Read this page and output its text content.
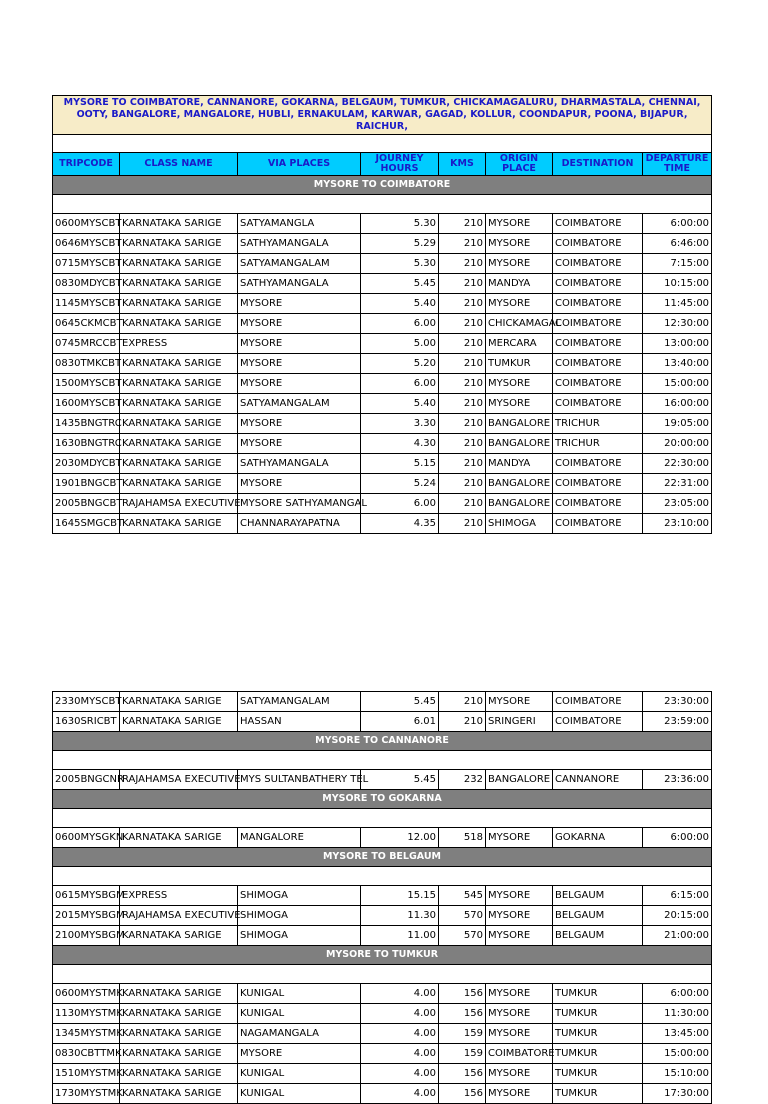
MYSORE TO COIMBATORE, CANNANORE, GOKARNA, BELGAUM, TUMKUR, CHICKAMAGALURU, DHARMASTALA, CHENNAI, OOTY, BANGALORE, MANGALORE, HUBLI, ERNAKULAM, KARWAR, GAGAD, KOLLUR, COONDAPUR, POONA, BIJAPUR, RAICHUR,							

TRIPCODE	CLASS NAME	VIA PLACES	JOURNEY HOURS	KMS	ORIGIN PLACE	DESTINATION	DEPARTURE TIME
MYSORE TO COIMBATORE							

0600MYSCBT	KARNATAKA SARIGE	SATYAMANGLA	5.30	210	MYSORE	COIMBATORE	6:00:00
0646MYSCBT	KARNATAKA SARIGE	SATHYAMANGALA	5.29	210	MYSORE	COIMBATORE	6:46:00
0715MYSCBT	KARNATAKA SARIGE	SATYAMANGALAM	5.30	210	MYSORE	COIMBATORE	7:15:00
0830MDYCBT	KARNATAKA SARIGE	SATHYAMANGALA	5.45	210	MANDYA	COIMBATORE	10:15:00
1145MYSCBT	KARNATAKA SARIGE	MYSORE	5.40	210	MYSORE	COIMBATORE	11:45:00
0645CKMCBT	KARNATAKA SARIGE	MYSORE	6.00	210	CHICKAMAGAL	COIMBATORE	12:30:00
0745MRCCBT	EXPRESS	MYSORE	5.00	210	MERCARA	COIMBATORE	13:00:00
0830TMKCBT	KARNATAKA SARIGE	MYSORE	5.20	210	TUMKUR	COIMBATORE	13:40:00
1500MYSCBT	KARNATAKA SARIGE	MYSORE	6.00	210	MYSORE	COIMBATORE	15:00:00
1600MYSCBT	KARNATAKA SARIGE	SATYAMANGALAM	5.40	210	MYSORE	COIMBATORE	16:00:00
1435BNGTRC	KARNATAKA SARIGE	MYSORE	3.30	210	BANGALORE	TRICHUR	19:05:00
1630BNGTRC	KARNATAKA SARIGE	MYSORE	4.30	210	BANGALORE	TRICHUR	20:00:00
2030MDYCBT	KARNATAKA SARIGE	SATHYAMANGALA	5.15	210	MANDYA	COIMBATORE	22:30:00
1901BNGCBT	KARNATAKA SARIGE	MYSORE	5.24	210	BANGALORE	COIMBATORE	22:31:00
2005BNGCBT	RAJAHAMSA EXECUTIVE	MYSORE SATHYAMANGAL	6.00	210	BANGALORE	COIMBATORE	23:05:00
1645SMGCBT	KARNATAKA SARIGE	CHANNARAYAPATNA	4.35	210	SHIMOGA	COIMBATORE	23:10:00
2330MYSCBT	KARNATAKA SARIGE	SATYAMANGALAM	5.45	210	MYSORE	COIMBATORE	23:30:00
1630SRICBT	KARNATAKA SARIGE	HASSAN	6.01	210	SRINGERI	COIMBATORE	23:59:00
MYSORE TO CANNANORE							

2005BNGCNR	RAJAHAMSA EXECUTIVE	MYS SULTANBATHERY TEL	5.45	232	BANGALORE	CANNANORE	23:36:00
MYSORE TO GOKARNA							

0600MYSGKN	KARNATAKA SARIGE	MANGALORE	12.00	518	MYSORE	GOKARNA	6:00:00
MYSORE TO BELGAUM							

0615MYSBGM	EXPRESS	SHIMOGA	15.15	545	MYSORE	BELGAUM	6:15:00
2015MYSBGM	RAJAHAMSA EXECUTIVE	SHIMOGA	11.30	570	MYSORE	BELGAUM	20:15:00
2100MYSBGM	KARNATAKA SARIGE	SHIMOGA	11.00	570	MYSORE	BELGAUM	21:00:00
MYSORE TO TUMKUR							

0600MYSTMK	KARNATAKA SARIGE	KUNIGAL	4.00	156	MYSORE	TUMKUR	6:00:00
1130MYSTMK	KARNATAKA SARIGE	KUNIGAL	4.00	156	MYSORE	TUMKUR	11:30:00
1345MYSTMK	KARNATAKA SARIGE	NAGAMANGALA	4.00	159	MYSORE	TUMKUR	13:45:00
0830CBTTMK	KARNATAKA SARIGE	MYSORE	4.00	159	COIMBATORE	TUMKUR	15:00:00
1510MYSTMK	KARNATAKA SARIGE	KUNIGAL	4.00	156	MYSORE	TUMKUR	15:10:00
1730MYSTMK	KARNATAKA SARIGE	KUNIGAL	4.00	156	MYSORE	TUMKUR	17:30:00
